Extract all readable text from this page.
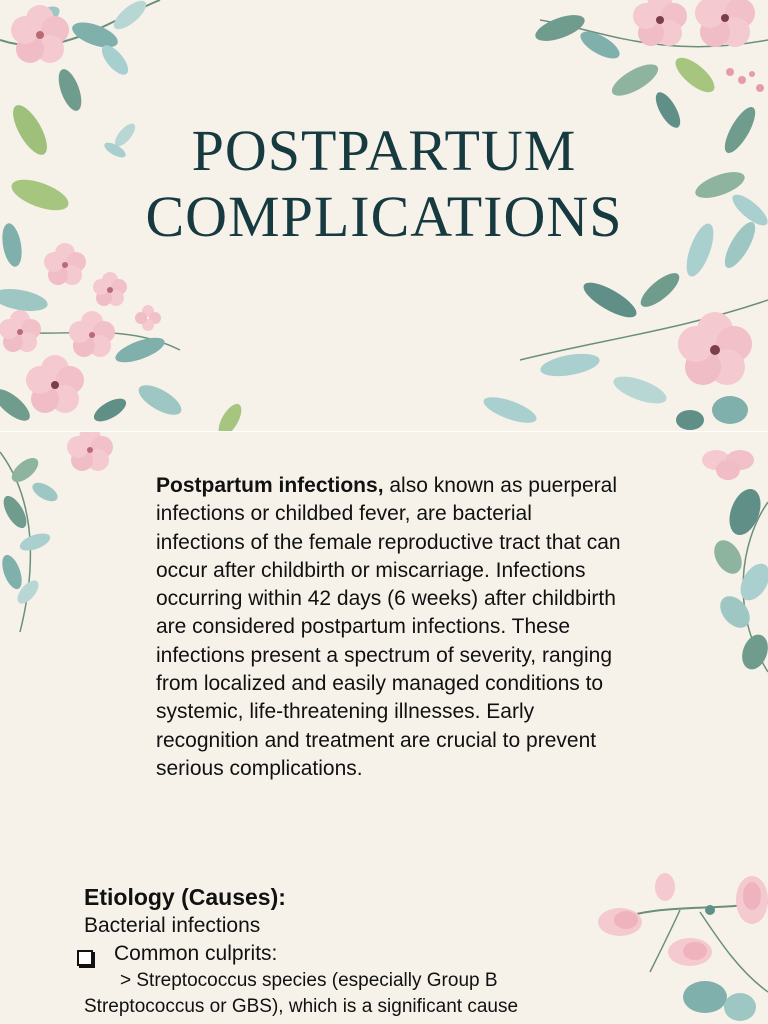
POSTPARTUM
COMPLICATIONS

Postpartum infections, also known as puerperal infections or childbed fever, are bacterial infections of the female reproductive tract that can occur after childbirth or miscarriage. Infections occurring within 42 days (6 weeks) after childbirth are considered postpartum infections. These infections present a spectrum of severity, ranging from localized and easily managed conditions to systemic, life-threatening illnesses. Early recognition and treatment are crucial to prevent serious complications.

Etiology (Causes):

Bacterial infections

Common culprits:

> Streptococcus species (especially Group B
Streptococcus or GBS), which is a significant cause
